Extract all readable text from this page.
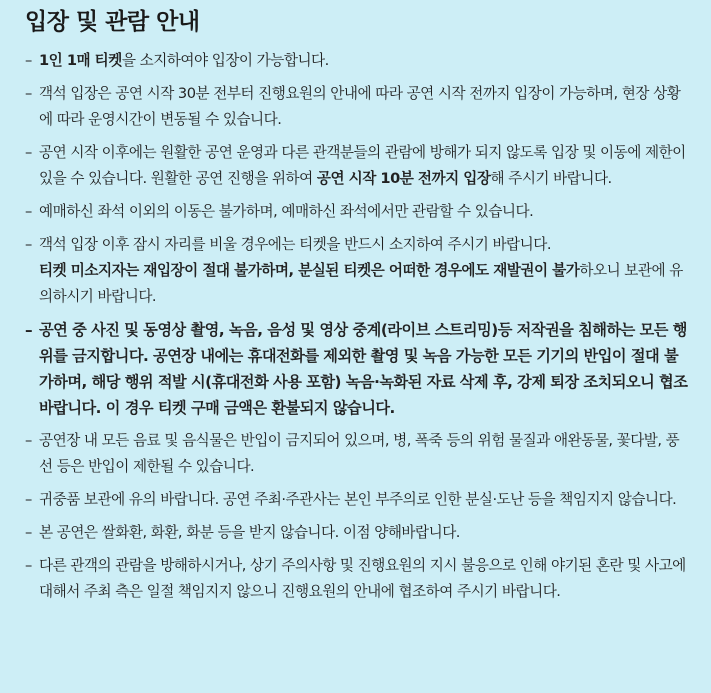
입장 및 관람 안내
– 1인 1매 티켓을 소지하여야 입장이 가능합니다.
– 객석 입장은 공연 시작 30분 전부터 진행요원의 안내에 따라 공연 시작 전까지 입장이 가능하며, 현장 상황에 따라 운영시간이 변동될 수 있습니다.
– 공연 시작 이후에는 원활한 공연 운영과 다른 관객분들의 관람에 방해가 되지 않도록 입장 및 이동에 제한이 있을 수 있습니다. 원활한 공연 진행을 위하여 공연 시작 10분 전까지 입장해 주시기 바랍니다.
– 예매하신 좌석 이외의 이동은 불가하며, 예매하신 좌석에서만 관람할 수 있습니다.
– 객석 입장 이후 잠시 자리를 비울 경우에는 티켓을 반드시 소지하여 주시기 바랍니다.
티켓 미소지자는 재입장이 절대 불가하며, 분실된 티켓은 어떠한 경우에도 재발권이 불가하오니 보관에 유의하시기 바랍니다.
– 공연 중 사진 및 동영상 촬영, 녹음, 음성 및 영상 중계(라이브 스트리밍)등 저작권을 침해하는 모든 행위를 금지합니다. 공연장 내에는 휴대전화를 제외한 촬영 및 녹음 가능한 모든 기기의 반입이 절대 불가하며, 해당 행위 적발 시(휴대전화 사용 포함) 녹음·녹화된 자료 삭제 후, 강제 퇴장 조치되오니 협조바랍니다. 이 경우 티켓 구매 금액은 환불되지 않습니다.
– 공연장 내 모든 음료 및 음식물은 반입이 금지되어 있으며, 병, 폭죽 등의 위험 물질과 애완동물, 꽃다발, 풍선 등은 반입이 제한될 수 있습니다.
– 귀중품 보관에 유의 바랍니다. 공연 주최·주관사는 본인 부주의로 인한 분실·도난 등을 책임지지 않습니다.
– 본 공연은 쌀화환, 화환, 화분 등을 받지 않습니다. 이점 양해바랍니다.
– 다른 관객의 관람을 방해하시거나, 상기 주의사항 및 진행요원의 지시 불응으로 인해 야기된 혼란 및 사고에 대해서 주최 측은 일절 책임지지 않으니 진행요원의 안내에 협조하여 주시기 바랍니다.
